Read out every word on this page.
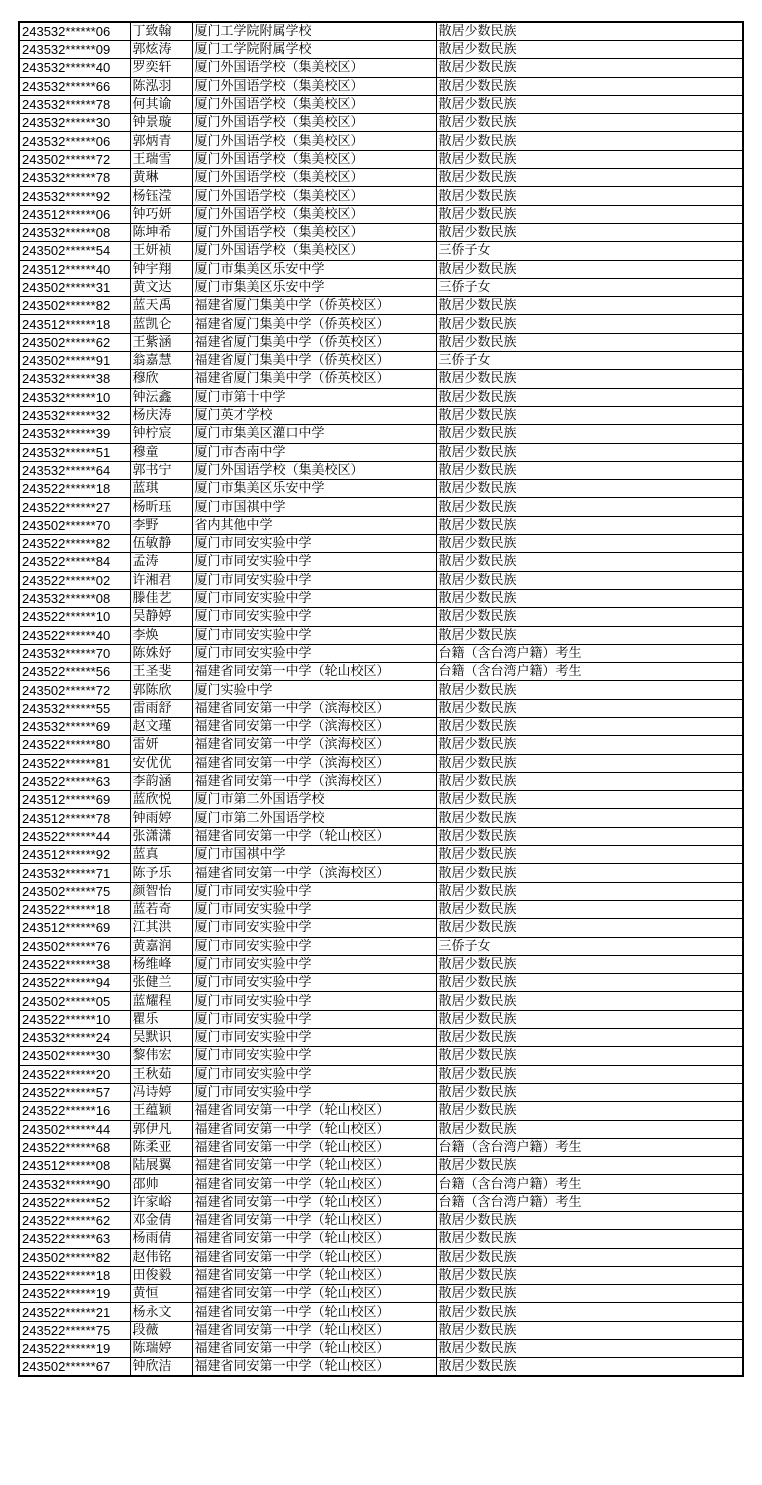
243532******06	丁致翰	厦门工学院附属学校	散居少数民族
243532******09	郭炫涛	厦门工学院附属学校	散居少数民族
243532******40	罗奕轩	厦门外国语学校（集美校区）	散居少数民族
243532******66	陈泓羽	厦门外国语学校（集美校区）	散居少数民族
243532******78	何其谕	厦门外国语学校（集美校区）	散居少数民族
243532******30	钟景璇	厦门外国语学校（集美校区）	散居少数民族
243532******06	郭炳青	厦门外国语学校（集美校区）	散居少数民族
243502******72	王瑞雪	厦门外国语学校（集美校区）	散居少数民族
243532******78	黄琳	厦门外国语学校（集美校区）	散居少数民族
243532******92	杨钰滢	厦门外国语学校（集美校区）	散居少数民族
243512******06	钟巧妍	厦门外国语学校（集美校区）	散居少数民族
243532******08	陈坤希	厦门外国语学校（集美校区）	散居少数民族
243502******54	王妍祯	厦门外国语学校（集美校区）	三侨子女
243512******40	钟宇翔	厦门市集美区乐安中学	散居少数民族
243502******31	黄文达	厦门市集美区乐安中学	三侨子女
243502******82	蓝天禹	福建省厦门集美中学（侨英校区）	散居少数民族
243512******18	蓝凯仑	福建省厦门集美中学（侨英校区）	散居少数民族
243502******62	王紫涵	福建省厦门集美中学（侨英校区）	散居少数民族
243502******91	翁嘉慧	福建省厦门集美中学（侨英校区）	三侨子女
243532******38	穆欣	福建省厦门集美中学（侨英校区）	散居少数民族
243532******10	钟沄鑫	厦门市第十中学	散居少数民族
243532******32	杨庆涛	厦门英才学校	散居少数民族
243532******39	钟柠宸	厦门市集美区灌口中学	散居少数民族
243532******51	穆童	厦门市杏南中学	散居少数民族
243532******64	郭书宁	厦门外国语学校（集美校区）	散居少数民族
243522******18	蓝琪	厦门市集美区乐安中学	散居少数民族
243522******27	杨昕珏	厦门市国祺中学	散居少数民族
243502******70	李野	省内其他中学	散居少数民族
243522******82	伍敏静	厦门市同安实验中学	散居少数民族
243522******84	孟涛	厦门市同安实验中学	散居少数民族
243522******02	许湘君	厦门市同安实验中学	散居少数民族
243532******08	滕佳艺	厦门市同安实验中学	散居少数民族
243522******10	吴静婷	厦门市同安实验中学	散居少数民族
243522******40	李焕	厦门市同安实验中学	散居少数民族
243532******70	陈姝妤	厦门市同安实验中学	台籍（含台湾户籍）考生
243522******56	王圣斐	福建省同安第一中学（轮山校区）	台籍（含台湾户籍）考生
243502******72	郭陈欣	厦门实验中学	散居少数民族
243532******55	雷雨舒	福建省同安第一中学（滨海校区）	散居少数民族
243532******69	赵文瑾	福建省同安第一中学（滨海校区）	散居少数民族
243522******80	雷妍	福建省同安第一中学（滨海校区）	散居少数民族
243522******81	安优优	福建省同安第一中学（滨海校区）	散居少数民族
243522******63	李韵涵	福建省同安第一中学（滨海校区）	散居少数民族
243512******69	蓝欣悦	厦门市第二外国语学校	散居少数民族
243512******78	钟雨婷	厦门市第二外国语学校	散居少数民族
243522******44	张潇潇	福建省同安第一中学（轮山校区）	散居少数民族
243512******92	蓝真	厦门市国祺中学	散居少数民族
243532******71	陈予乐	福建省同安第一中学（滨海校区）	散居少数民族
243502******75	颜智怡	厦门市同安实验中学	散居少数民族
243522******18	蓝若奇	厦门市同安实验中学	散居少数民族
243512******69	江其洪	厦门市同安实验中学	散居少数民族
243502******76	黄嘉润	厦门市同安实验中学	三侨子女
243522******38	杨维峰	厦门市同安实验中学	散居少数民族
243522******94	张健兰	厦门市同安实验中学	散居少数民族
243502******05	蓝耀程	厦门市同安实验中学	散居少数民族
243522******10	瞿乐	厦门市同安实验中学	散居少数民族
243532******24	吴默识	厦门市同安实验中学	散居少数民族
243502******30	黎伟宏	厦门市同安实验中学	散居少数民族
243522******20	王秋茹	厦门市同安实验中学	散居少数民族
243522******57	冯诗婷	厦门市同安实验中学	散居少数民族
243522******16	王蕴颖	福建省同安第一中学（轮山校区）	散居少数民族
243502******44	郭伊凡	福建省同安第一中学（轮山校区）	散居少数民族
243522******68	陈柔亚	福建省同安第一中学（轮山校区）	台籍（含台湾户籍）考生
243512******08	陆展翼	福建省同安第一中学（轮山校区）	散居少数民族
243532******90	邵帅	福建省同安第一中学（轮山校区）	台籍（含台湾户籍）考生
243522******52	许家峪	福建省同安第一中学（轮山校区）	台籍（含台湾户籍）考生
243522******62	邓金倩	福建省同安第一中学（轮山校区）	散居少数民族
243522******63	杨雨倩	福建省同安第一中学（轮山校区）	散居少数民族
243502******82	赵伟铭	福建省同安第一中学（轮山校区）	散居少数民族
243522******18	田俊毅	福建省同安第一中学（轮山校区）	散居少数民族
243522******19	黄恒	福建省同安第一中学（轮山校区）	散居少数民族
243522******21	杨永文	福建省同安第一中学（轮山校区）	散居少数民族
243522******75	段薇	福建省同安第一中学（轮山校区）	散居少数民族
243522******19	陈瑞婷	福建省同安第一中学（轮山校区）	散居少数民族
243502******67	钟欣洁	福建省同安第一中学（轮山校区）	散居少数民族
